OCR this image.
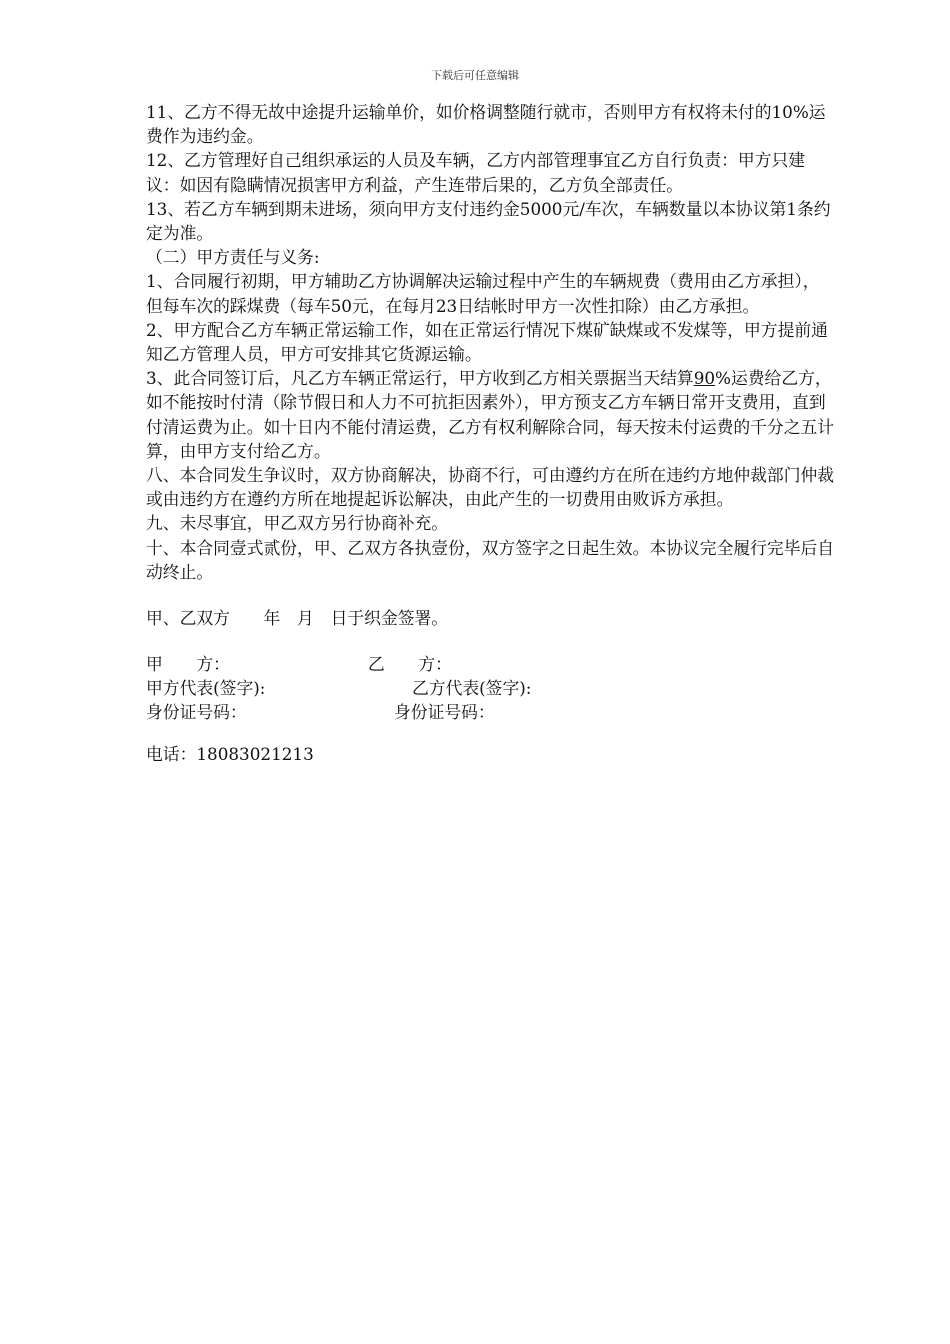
下载后可任意编辑

11、乙方不得无故中途提升运输单价，如价格调整随行就市，否则甲方有权将未付的10%运费作为违约金。

12、乙方管理好自己组织承运的人员及车辆，乙方内部管理事宜乙方自行负责：甲方只建议：如因有隐瞒情况损害甲方利益，产生连带后果的，乙方负全部责任。

13、若乙方车辆到期未进场，须向甲方支付违约金5000元/车次，车辆数量以本协议第1条约定为准。

（二）甲方责任与义务:

1、合同履行初期，甲方辅助乙方协调解决运输过程中产生的车辆规费（费用由乙方承担），但每车次的踩煤费（每车50元，在每月23日结帐时甲方一次性扣除）由乙方承担。

2、甲方配合乙方车辆正常运输工作，如在正常运行情况下煤矿缺煤或不发煤等，甲方提前通知乙方管理人员，甲方可安排其它货源运输。

3、此合同签订后，凡乙方车辆正常运行，甲方收到乙方相关票据当天结算90%运费给乙方，如不能按时付清（除节假日和人力不可抗拒因素外），甲方预支乙方车辆日常开支费用，直到付清运费为止。如十日内不能付清运费，乙方有权利解除合同，每天按未付运费的千分之五计算，由甲方支付给乙方。

八、本合同发生争议时，双方协商解决，协商不行，可由遵约方在所在违约方地仲裁部门仲裁或由违约方在遵约方所在地提起诉讼解决，由此产生的一切费用由败诉方承担。

九、未尽事宜，甲乙双方另行协商补充。

十、本合同壹式贰份，甲、乙双方各执壹份，双方签字之日起生效。本协议完全履行完毕后自动终止。

甲、乙双方　　年　月　日于织金签署。

甲　　方：	乙　　方：
甲方代表(签字):	乙方代表(签字):
身份证号码：	身份证号码：

电话：18083021213
